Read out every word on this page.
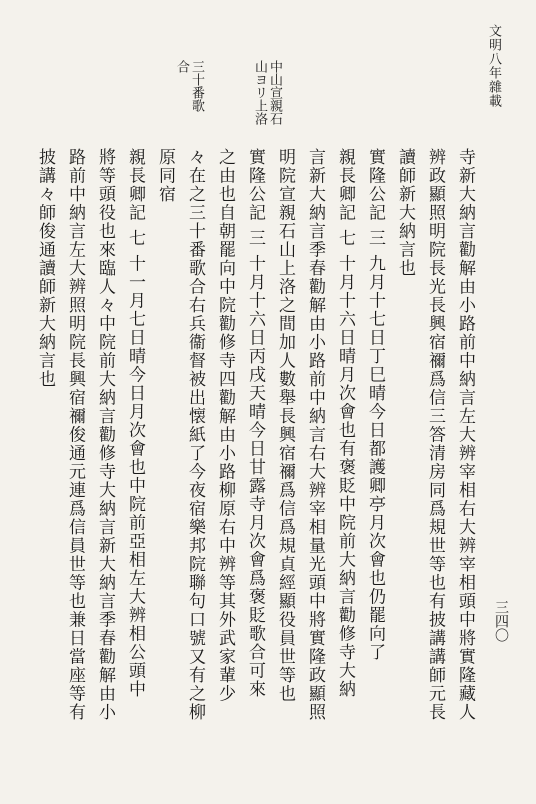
文明八年雜載
三四〇
中山宣親石山ヨリ上洛
三十番歌合
寺新大納言勸解由小路前中納言左大辨宰相右大辨宰相頭中將實隆藏人
辨政顯照明院長光長興宿禰爲信三答清房同爲規世等也有披講講師元長
讀師新大納言也
實隆公記 三 九月十七日丁巳晴今日都護卿亭月次會也仍罷向了
親長卿記 七 十月十六日晴月次會也有褒貶中院前大納言勸修寺大納
言新大納言季春勸解由小路前中納言右大辨宰相量光頭中將實隆政顯照
明院宣親石山上洛之間加人數舉長興宿禰爲信爲規貞經顯役員世等也
實隆公記 三 十月十六日丙戌天晴今日甘露寺月次會爲褒貶歌合可來
之由也自朝罷向中院勸修寺四勸解由小路柳原右中辨等其外武家輩少
々在之三十番歌合右兵衞督被出懐紙了今夜宿樂邦院聯句口號又有之柳
原同宿
親長卿記 七 十一月七日晴今日月次會也中院前亞相左大辨相公頭中
將等頭役也來臨人々中院前大納言勸修寺大納言新大納言季春勸解由小
路前中納言左大辨照明院長興宿禰俊通元連爲信員世等也兼日當座等有
披講々師俊通讀師新大納言也
